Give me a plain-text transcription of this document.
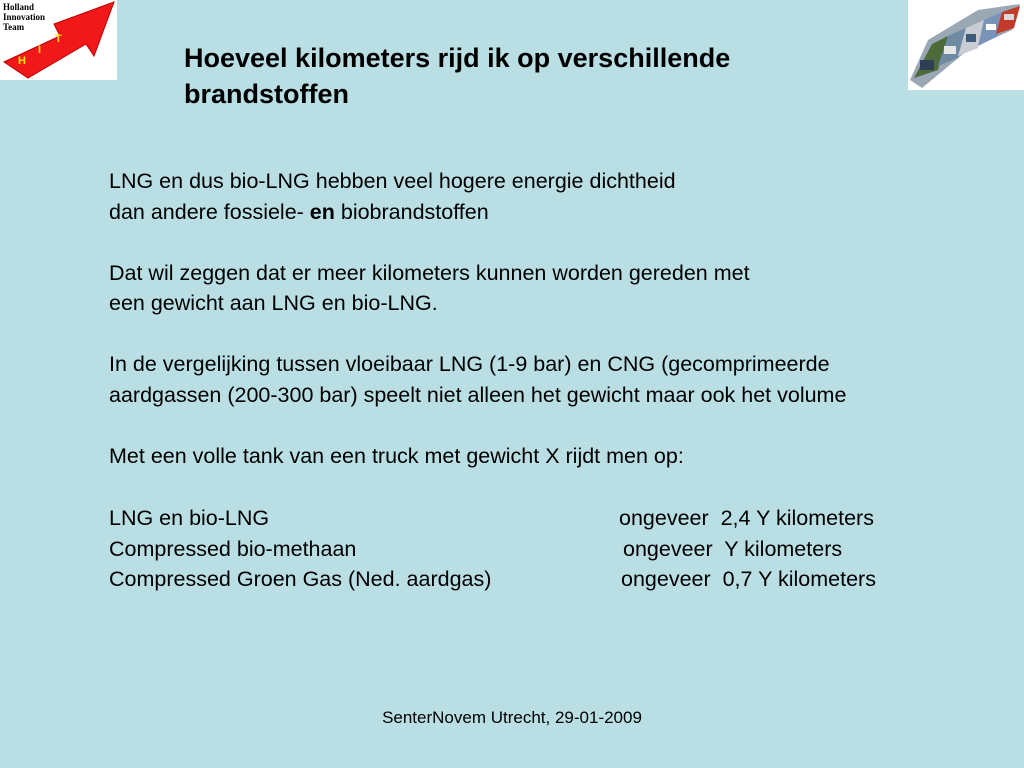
Holland
Innovation
Team
H
I
T
Hoeveel kilometers rijd ik op verschillende
brandstoffen

LNG en dus bio-LNG hebben veel hogere energie dichtheid

dan andere fossiele- en biobrandstoffen

Dat wil zeggen dat er meer kilometers kunnen worden gereden met

een gewicht aan LNG en bio-LNG.

In de vergelijking tussen vloeibaar LNG (1-9 bar) en CNG (gecomprimeerde

aardgassen (200-300 bar) speelt niet alleen het gewicht maar ook het volume

Met een volle tank van een truck met gewicht X rijdt men op:

LNG en bio-LNG	ongeveer  2,4 Y kilometers
Compressed bio-methaan	ongeveer  Y kilometers
Compressed Groen Gas (Ned. aardgas)	ongeveer  0,7 Y kilometers
SenterNovem Utrecht, 29-01-2009
